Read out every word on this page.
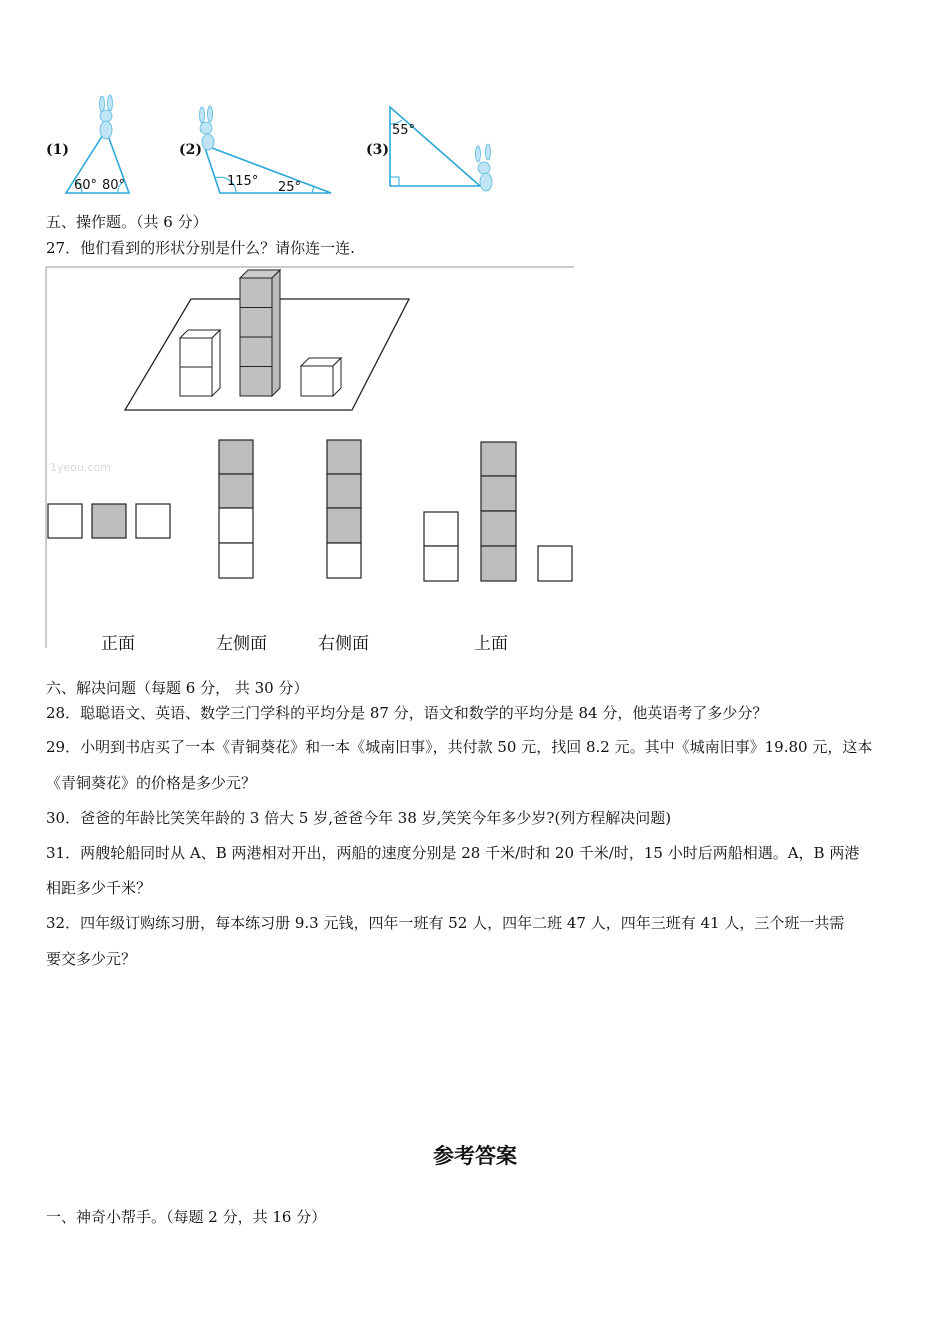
(1)	(2)	(3)
60° 80°	115° 25°
55°
五、操作题。（共 6 分）
27．他们看到的形状分别是什么？请你连一连.
1yeou.com
正面	左侧面	右侧面	上面
六、解决问题（每题 6 分， 共 30 分）
28．聪聪语文、英语、数学三门学科的平均分是 87 分，语文和数学的平均分是 84 分，他英语考了多少分？
29．小明到书店买了一本《青铜葵花》和一本《城南旧事》，共付款 50 元，找回 8.2 元。其中《城南旧事》19.80 元，这本
《青铜葵花》的价格是多少元？
30．爸爸的年龄比笑笑年龄的 3 倍大 5 岁,爸爸今年 38 岁,笑笑今年多少岁?(列方程解决问题)
31．两艘轮船同时从 A、B 两港相对开出，两船的速度分别是 28 千米/时和 20 千米/时，15 小时后两船相遇。A，B 两港
相距多少千米？
32．四年级订购练习册，每本练习册 9.3 元钱，四年一班有 52 人，四年二班 47 人，四年三班有 41 人，三个班一共需
要交多少元？
参考答案
一、神奇小帮手。（每题 2 分，共 16 分）
